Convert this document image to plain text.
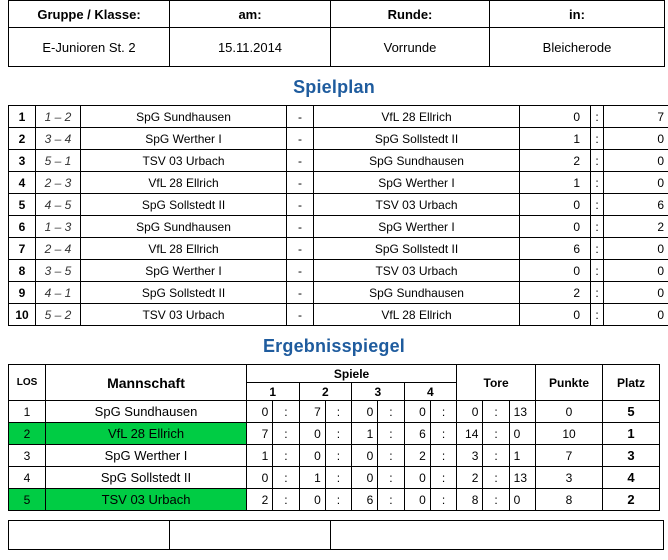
Gruppe / Klasse:	am:	Runde:	in:
E-Junioren St. 2	15.11.2014	Vorrunde	Bleicherode
Spielplan
1	1 – 2	SpG Sundhausen	-	VfL 28 Ellrich	0	:	7
2	3 – 4	SpG Werther I	-	SpG Sollstedt II	1	:	0
3	5 – 1	TSV 03 Urbach	-	SpG Sundhausen	2	:	0
4	2 – 3	VfL 28 Ellrich	-	SpG Werther I	1	:	0
5	4 – 5	SpG Sollstedt II	-	TSV 03 Urbach	0	:	6
6	1 – 3	SpG Sundhausen	-	SpG Werther I	0	:	2
7	2 – 4	VfL 28 Ellrich	-	SpG Sollstedt II	6	:	0
8	3 – 5	SpG Werther I	-	TSV 03 Urbach	0	:	0
9	4 – 1	SpG Sollstedt II	-	SpG Sundhausen	2	:	0
10	5 – 2	TSV 03 Urbach	-	VfL 28 Ellrich	0	:	0
Ergebnisspiegel
LOS	Mannschaft	Spiele								Tore			Punkte	Platz
		1		2		3		4						
1	SpG Sundhausen	0	:	7	:	0	:	0	:	0	:	13	0	5
2	VfL 28 Ellrich	7	:	0	:	1	:	6	:	14	:	0	10	1
3	SpG Werther I	1	:	0	:	0	:	2	:	3	:	1	7	3
4	SpG Sollstedt II	0	:	1	:	0	:	0	:	2	:	13	3	4
5	TSV 03 Urbach	2	:	0	:	6	:	0	:	8	:	0	8	2
